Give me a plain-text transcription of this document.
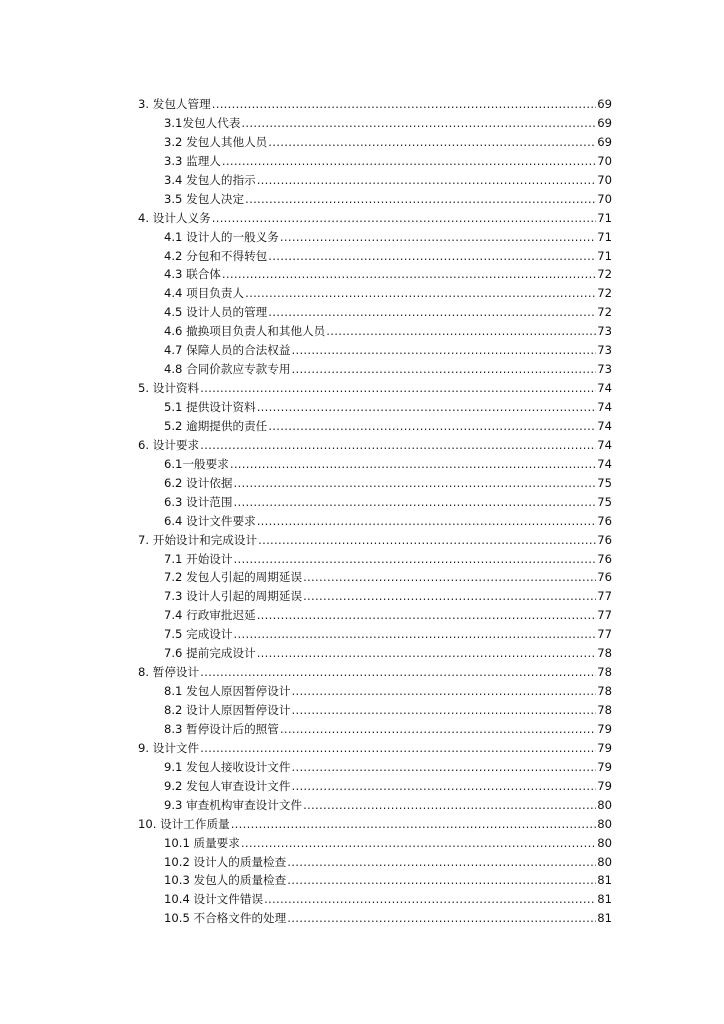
3. 发包人管理 .....	69
3.1发包人代表 .....	69
3.2 发包人其他人员 .....	69
3.3 监理人 .....	70
3.4 发包人的指示 .....	70
3.5 发包人决定 .....	70
4. 设计人义务 .....	71
4.1 设计人的一般义务 .....	71
4.2 分包和不得转包 .....	71
4.3 联合体 .....	72
4.4 项目负责人 .....	72
4.5 设计人员的管理 .....	72
4.6 撤换项目负责人和其他人员 .....	73
4.7 保障人员的合法权益 .....	73
4.8 合同价款应专款专用 .....	73
5. 设计资料 .....	74
5.1 提供设计资料 .....	74
5.2 逾期提供的责任 .....	74
6. 设计要求 .....	74
6.1一般要求 .....	74
6.2 设计依据 .....	75
6.3 设计范围 .....	75
6.4 设计文件要求 .....	76
7. 开始设计和完成设计 .....	76
7.1 开始设计 .....	76
7.2 发包人引起的周期延误 .....	76
7.3 设计人引起的周期延误 .....	77
7.4 行政审批迟延 .....	77
7.5 完成设计 .....	77
7.6 提前完成设计 .....	78
8. 暂停设计 .....	78
8.1 发包人原因暂停设计 .....	78
8.2 设计人原因暂停设计 .....	78
8.3 暂停设计后的照管 .....	79
9. 设计文件 .....	79
9.1 发包人接收设计文件 .....	79
9.2 发包人审查设计文件 .....	79
9.3 审查机构审查设计文件 .....	80
10. 设计工作质量 .....	80
10.1 质量要求 .....	80
10.2 设计人的质量检查 .....	80
10.3 发包人的质量检查 .....	81
10.4 设计文件错误 .....	81
10.5 不合格文件的处理 .....	81
